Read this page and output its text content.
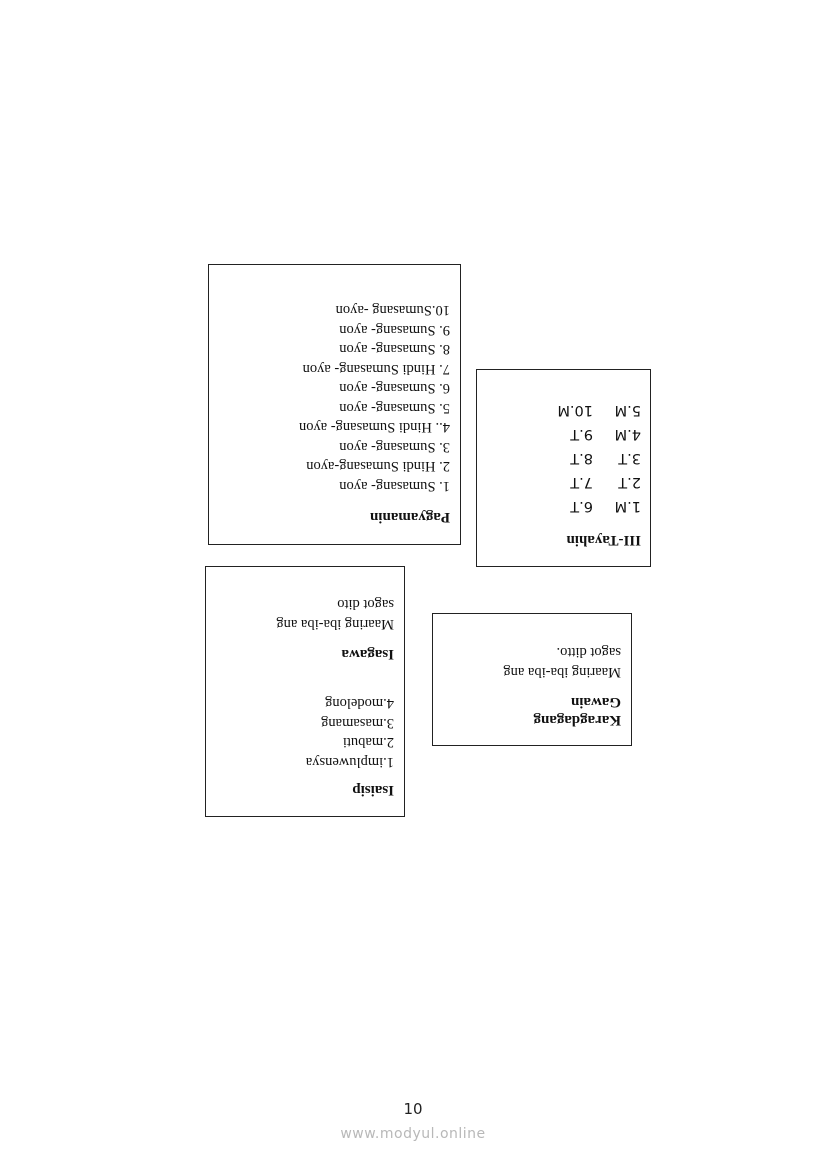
Pagyamanin
1. Sumasang- ayon
2. Hindi Sumasang-ayon
3. Sumasang- ayon
4.. Hindi Sumasang- ayon
5. Sumasang- ayon
6. Sumasang- ayon
7. Hindi Sumasang- ayon
8. Sumasang- ayon
9. Sumasang- ayon
10.Sumasang -ayon
III-Tayahin
1.M
6.T
2.T
7.T
3.T
8.T
4.M
9.T
5.M
10.M
Isaisip
1.impluwensya
2.mabuti
3.masamang
4.modelong
Isagawa
Maaring iba-iba ang
sagot dito
Karagdagang
Gawain
Maaring iba-iba ang
sagot ditto.
10
www.modyul.online
